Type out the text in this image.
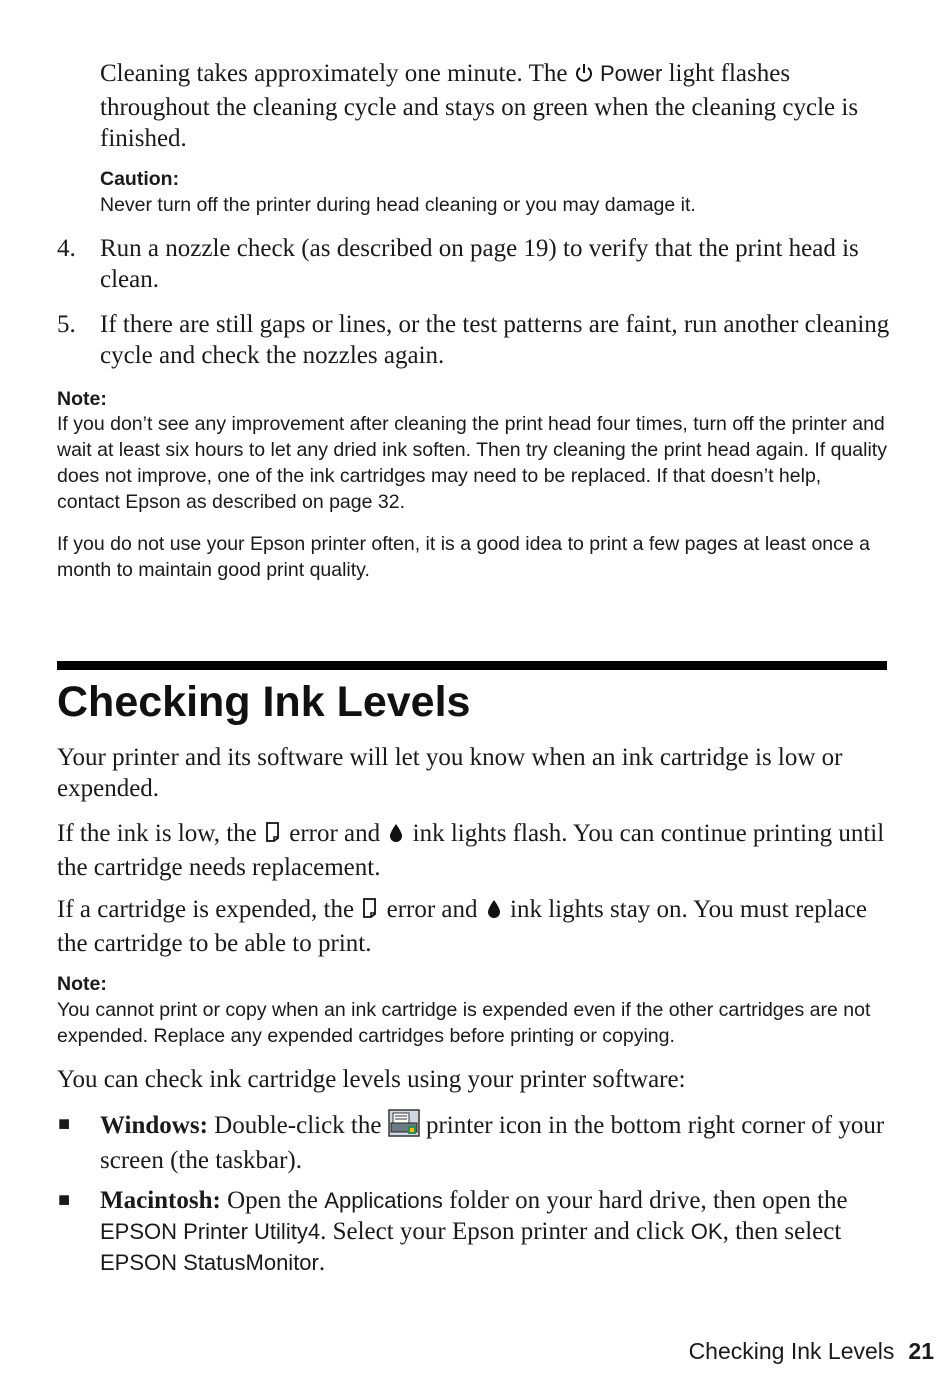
Cleaning takes approximately one minute. The  Power light flashes throughout the cleaning cycle and stays on green when the cleaning cycle is finished.
Caution:
Never turn off the printer during head cleaning or you may damage it.
4. Run a nozzle check (as described on page 19) to verify that the print head is clean.
5. If there are still gaps or lines, or the test patterns are faint, run another cleaning cycle and check the nozzles again.
Note:
If you don’t see any improvement after cleaning the print head four times, turn off the printer and wait at least six hours to let any dried ink soften. Then try cleaning the print head again. If quality does not improve, one of the ink cartridges may need to be replaced. If that doesn’t help, contact Epson as described on page 32.
If you do not use your Epson printer often, it is a good idea to print a few pages at least once a month to maintain good print quality.
Checking Ink Levels
Your printer and its software will let you know when an ink cartridge is low or expended.
If the ink is low, the  error and  ink lights flash. You can continue printing until the cartridge needs replacement.
If a cartridge is expended, the  error and  ink lights stay on. You must replace the cartridge to be able to print.
Note:
You cannot print or copy when an ink cartridge is expended even if the other cartridges are not expended. Replace any expended cartridges before printing or copying.
You can check ink cartridge levels using your printer software:
■ Windows: Double-click the  printer icon in the bottom right corner of your screen (the taskbar).
■ Macintosh: Open the Applications folder on your hard drive, then open the EPSON Printer Utility4. Select your Epson printer and click OK, then select EPSON StatusMonitor.
Checking Ink Levels 21
